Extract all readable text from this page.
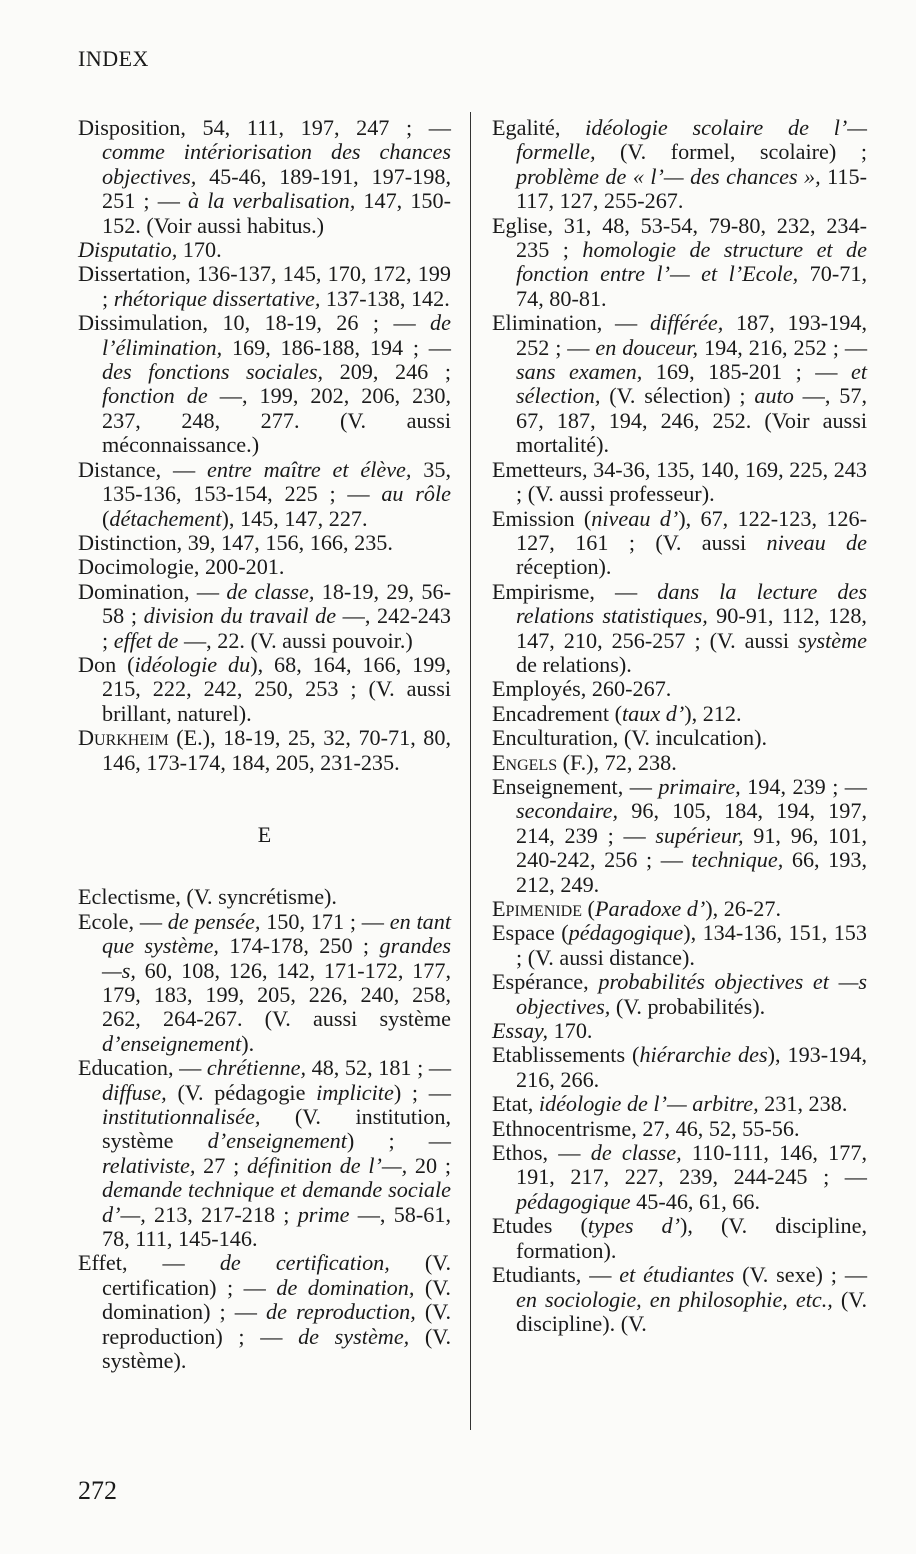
INDEX

Disposition, 54, 111, 197, 247 ; — comme intériorisation des chances objectives, 45-46, 189-191, 197-198, 251 ; — à la verbalisation, 147, 150-152. (Voir aussi habitus.)

Disputatio, 170.

Dissertation, 136-137, 145, 170, 172, 199 ; rhétorique dissertative, 137-138, 142.

Dissimulation, 10, 18-19, 26 ; — de l’élimination, 169, 186-188, 194 ; — des fonctions sociales, 209, 246 ; fonction de —, 199, 202, 206, 230, 237, 248, 277. (V. aussi méconnaissance.)

Distance, — entre maître et élève, 35, 135-136, 153-154, 225 ; — au rôle (détachement), 145, 147, 227.

Distinction, 39, 147, 156, 166, 235.

Docimologie, 200-201.

Domination, — de classe, 18-19, 29, 56-58 ; division du travail de —, 242-243 ; effet de —, 22. (V. aussi pouvoir.)

Don (idéologie du), 68, 164, 166, 199, 215, 222, 242, 250, 253 ; (V. aussi brillant, naturel).

Durkheim (E.), 18-19, 25, 32, 70-71, 80, 146, 173-174, 184, 205, 231-235.

E

Eclectisme, (V. syncrétisme).

Ecole, — de pensée, 150, 171 ; — en tant que système, 174-178, 250 ; grandes —s, 60, 108, 126, 142, 171-172, 177, 179, 183, 199, 205, 226, 240, 258, 262, 264-267. (V. aussi système d’enseignement).

Education, — chrétienne, 48, 52, 181 ; — diffuse, (V. pédagogie implicite) ; — institutionnalisée, (V. institution, système d’enseignement) ; — relativiste, 27 ; définition de l’—, 20 ; demande technique et demande sociale d’—, 213, 217-218 ; prime —, 58-61, 78, 111, 145-146.

Effet, — de certification, (V. certification) ; — de domination, (V. domination) ; — de reproduction, (V. reproduction) ; — de système, (V. système).

Egalité, idéologie scolaire de l’— formelle, (V. formel, scolaire) ; problème de « l’— des chances », 115-117, 127, 255-267.

Eglise, 31, 48, 53-54, 79-80, 232, 234-235 ; homologie de structure et de fonction entre l’— et l’Ecole, 70-71, 74, 80-81.

Elimination, — différée, 187, 193-194, 252 ; — en douceur, 194, 216, 252 ; — sans examen, 169, 185-201 ; — et sélection, (V. sélection) ; auto —, 57, 67, 187, 194, 246, 252. (Voir aussi mortalité).

Emetteurs, 34-36, 135, 140, 169, 225, 243 ; (V. aussi professeur).

Emission (niveau d’), 67, 122-123, 126-127, 161 ; (V. aussi niveau de réception).

Empirisme, — dans la lecture des relations statistiques, 90-91, 112, 128, 147, 210, 256-257 ; (V. aussi système de relations).

Employés, 260-267.

Encadrement (taux d’), 212.

Enculturation, (V. inculcation).

Engels (F.), 72, 238.

Enseignement, — primaire, 194, 239 ; — secondaire, 96, 105, 184, 194, 197, 214, 239 ; — supérieur, 91, 96, 101, 240-242, 256 ; — technique, 66, 193, 212, 249.

Epimenide (Paradoxe d’), 26-27.

Espace (pédagogique), 134-136, 151, 153 ; (V. aussi distance).

Espérance, probabilités objectives et —s objectives, (V. probabilités).

Essay, 170.

Etablissements (hiérarchie des), 193-194, 216, 266.

Etat, idéologie de l’— arbitre, 231, 238.

Ethnocentrisme, 27, 46, 52, 55-56.

Ethos, — de classe, 110-111, 146, 177, 191, 217, 227, 239, 244-245 ; — pédagogique 45-46, 61, 66.

Etudes (types d’), (V. discipline, formation).

Etudiants, — et étudiantes (V. sexe) ; — en sociologie, en philosophie, etc., (V. discipline). (V.

272
